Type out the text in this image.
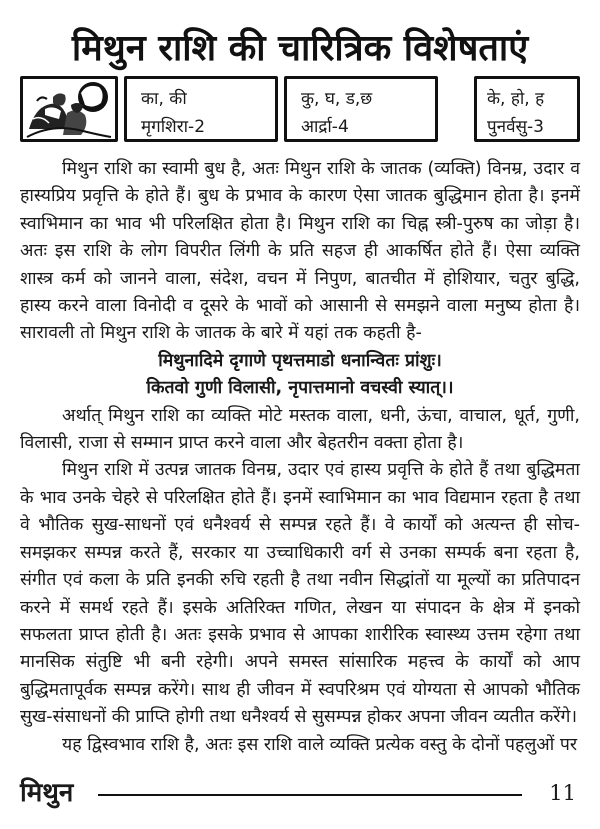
मिथुन राशि की चारित्रिक विशेषताएं
का, की
मृगशिरा-2
कु, घ, ड,छ
आर्द्रा-4
के, हो, ह
पुनर्वसु-3

मिथुन राशि का स्वामी बुध है, अतः मिथुन राशि के जातक (व्यक्ति) विनम्र, उदार व हास्यप्रिय प्रवृत्ति के होते हैं। बुध के प्रभाव के कारण ऐसा जातक बुद्धिमान होता है। इनमें स्वाभिमान का भाव भी परिलक्षित होता है। मिथुन राशि का चिह्न स्त्री-पुरुष का जोड़ा है। अतः इस राशि के लोग विपरीत लिंगी के प्रति सहज ही आकर्षित होते हैं। ऐसा व्यक्ति शास्त्र कर्म को जानने वाला, संदेश, वचन में निपुण, बातचीत में होशियार, चतुर बुद्धि, हास्य करने वाला विनोदी व दूसरे के भावों को आसानी से समझने वाला मनुष्य होता है। सारावली तो मिथुन राशि के जातक के बारे में यहां तक कहती है-

मिथुनादिमे दृगाणे पृथत्तमाडो धनान्वितः प्रांशुः।

कितवो गुणी विलासी, नृपात्तमानो वचस्वी स्यात्।।

अर्थात् मिथुन राशि का व्यक्ति मोटे मस्तक वाला, धनी, ऊंचा, वाचाल, धूर्त, गुणी, विलासी, राजा से सम्मान प्राप्त करने वाला और बेहतरीन वक्ता होता है।

मिथुन राशि में उत्पन्न जातक विनम्र, उदार एवं हास्य प्रवृत्ति के होते हैं तथा बुद्धिमता के भाव उनके चेहरे से परिलक्षित होते हैं। इनमें स्वाभिमान का भाव विद्यमान रहता है तथा वे भौतिक सुख-साधनों एवं धनैश्वर्य से सम्पन्न रहते हैं। वे कार्यों को अत्यन्त ही सोच-समझकर सम्पन्न करते हैं, सरकार या उच्चाधिकारी वर्ग से उनका सम्पर्क बना रहता है, संगीत एवं कला के प्रति इनकी रुचि रहती है तथा नवीन सिद्धांतों या मूल्यों का प्रतिपादन करने में समर्थ रहते हैं। इसके अतिरिक्त गणित, लेखन या संपादन के क्षेत्र में इनको सफलता प्राप्त होती है। अतः इसके प्रभाव से आपका शारीरिक स्वास्थ्य उत्तम रहेगा तथा मानसिक संतुष्टि भी बनी रहेगी। अपने समस्त सांसारिक महत्त्व के कार्यों को आप बुद्धिमतापूर्वक सम्पन्न करेंगे। साथ ही जीवन में स्वपरिश्रम एवं योग्यता से आपको भौतिक सुख-संसाधनों की प्राप्ति होगी तथा धनैश्वर्य से सुसम्पन्न होकर अपना जीवन व्यतीत करेंगे।

यह द्विस्वभाव राशि है, अतः इस राशि वाले व्यक्ति प्रत्येक वस्तु के दोनों पहलुओं पर

मिथुन	11
